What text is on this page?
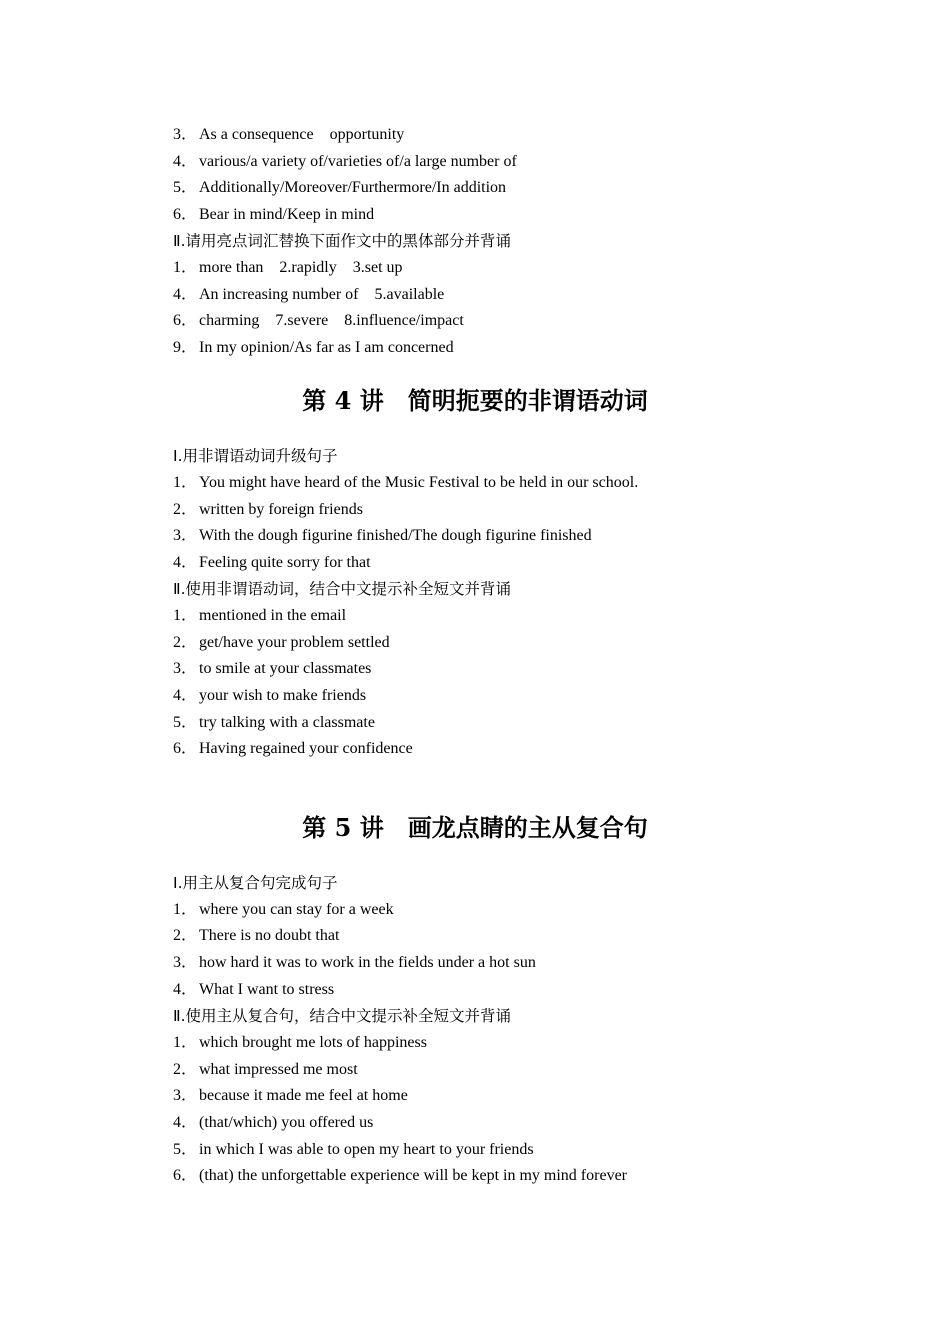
3． As a consequence　opportunity
4． various/a variety of/varieties of/a large number of
5． Additionally/Moreover/Furthermore/In addition
6． Bear in mind/Keep in mind
Ⅱ.请用亮点词汇替换下面作文中的黑体部分并背诵
1． more than　2.rapidly　3.set up
4． An increasing number of　5.available
6． charming　7.severe　8.influence/impact
9． In my opinion/As far as I am concerned
第 4 讲　简明扼要的非谓语动词
Ⅰ.用非谓语动词升级句子
1． You might have heard of the Music Festival to be held in our school.
2． written by foreign friends
3． With the dough figurine finished/The dough figurine finished
4． Feeling quite sorry for that
Ⅱ.使用非谓语动词，结合中文提示补全短文并背诵
1． mentioned in the email
2． get/have your problem settled
3． to smile at your classmates
4． your wish to make friends
5． try talking with a classmate
6． Having regained your confidence
第 5 讲　画龙点睛的主从复合句
Ⅰ.用主从复合句完成句子
1． where you can stay for a week
2． There is no doubt that
3． how hard it was to work in the fields under a hot sun
4． What I want to stress
Ⅱ.使用主从复合句，结合中文提示补全短文并背诵
1． which brought me lots of happiness
2． what impressed me most
3． because it made me feel at home
4． (that/which) you offered us
5． in which I was able to open my heart to your friends
6． (that) the unforgettable experience will be kept in my mind forever
